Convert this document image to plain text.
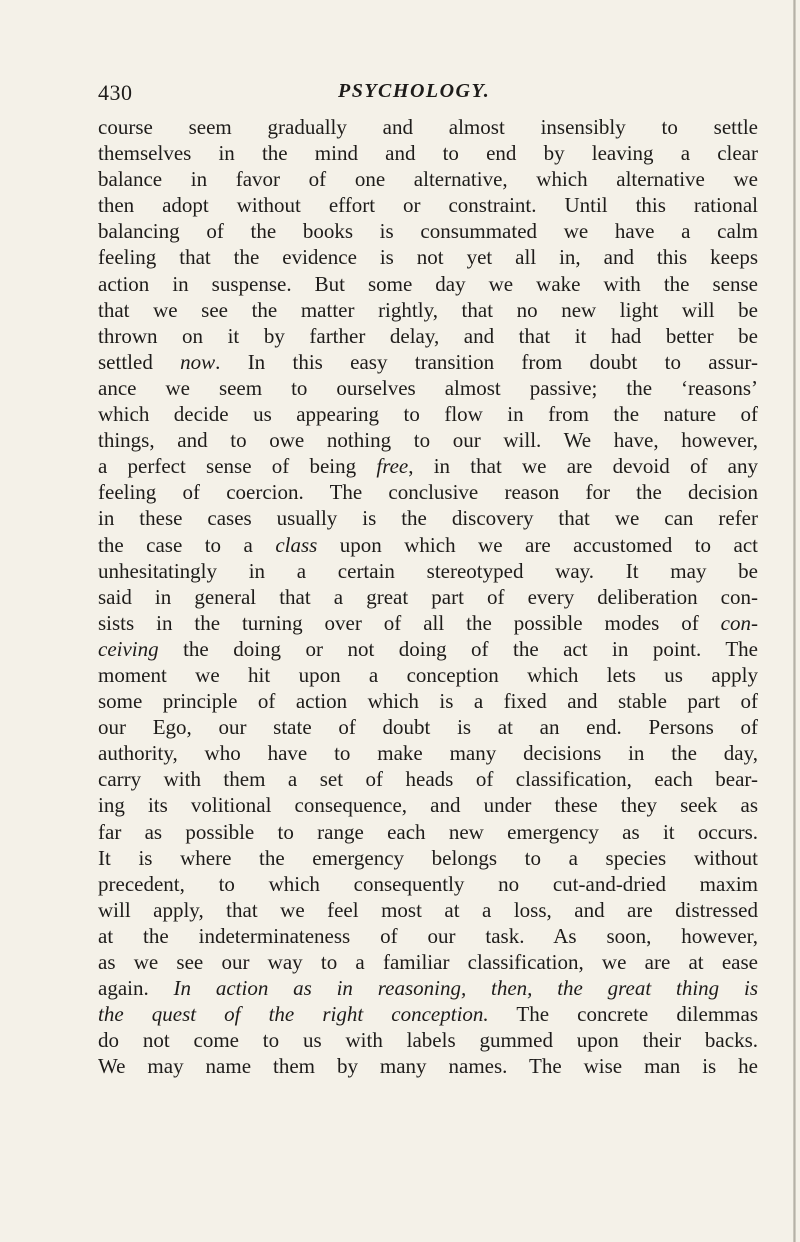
430	PSYCHOLOGY.
course seem gradually and almost insensibly to settle
themselves in the mind and to end by leaving a clear
balance in favor of one alternative, which alternative we
then adopt without effort or constraint. Until this rational
balancing of the books is consummated we have a calm
feeling that the evidence is not yet all in, and this keeps
action in suspense. But some day we wake with the sense
that we see the matter rightly, that no new light will be
thrown on it by farther delay, and that it had better be
settled now. In this easy transition from doubt to assur-
ance we seem to ourselves almost passive; the ‘reasons’
which decide us appearing to flow in from the nature of
things, and to owe nothing to our will. We have, however,
a perfect sense of being free, in that we are devoid of any
feeling of coercion. The conclusive reason for the decision
in these cases usually is the discovery that we can refer
the case to a class upon which we are accustomed to act
unhesitatingly in a certain stereotyped way. It may be
said in general that a great part of every deliberation con-
sists in the turning over of all the possible modes of con-
ceiving the doing or not doing of the act in point. The
moment we hit upon a conception which lets us apply
some principle of action which is a fixed and stable part of
our Ego, our state of doubt is at an end. Persons of
authority, who have to make many decisions in the day,
carry with them a set of heads of classification, each bear-
ing its volitional consequence, and under these they seek as
far as possible to range each new emergency as it occurs.
It is where the emergency belongs to a species without
precedent, to which consequently no cut-and-dried maxim
will apply, that we feel most at a loss, and are distressed
at the indeterminateness of our task. As soon, however,
as we see our way to a familiar classification, we are at ease
again. In action as in reasoning, then, the great thing is
the quest of the right conception. The concrete dilemmas
do not come to us with labels gummed upon their backs.
We may name them by many names. The wise man is he
